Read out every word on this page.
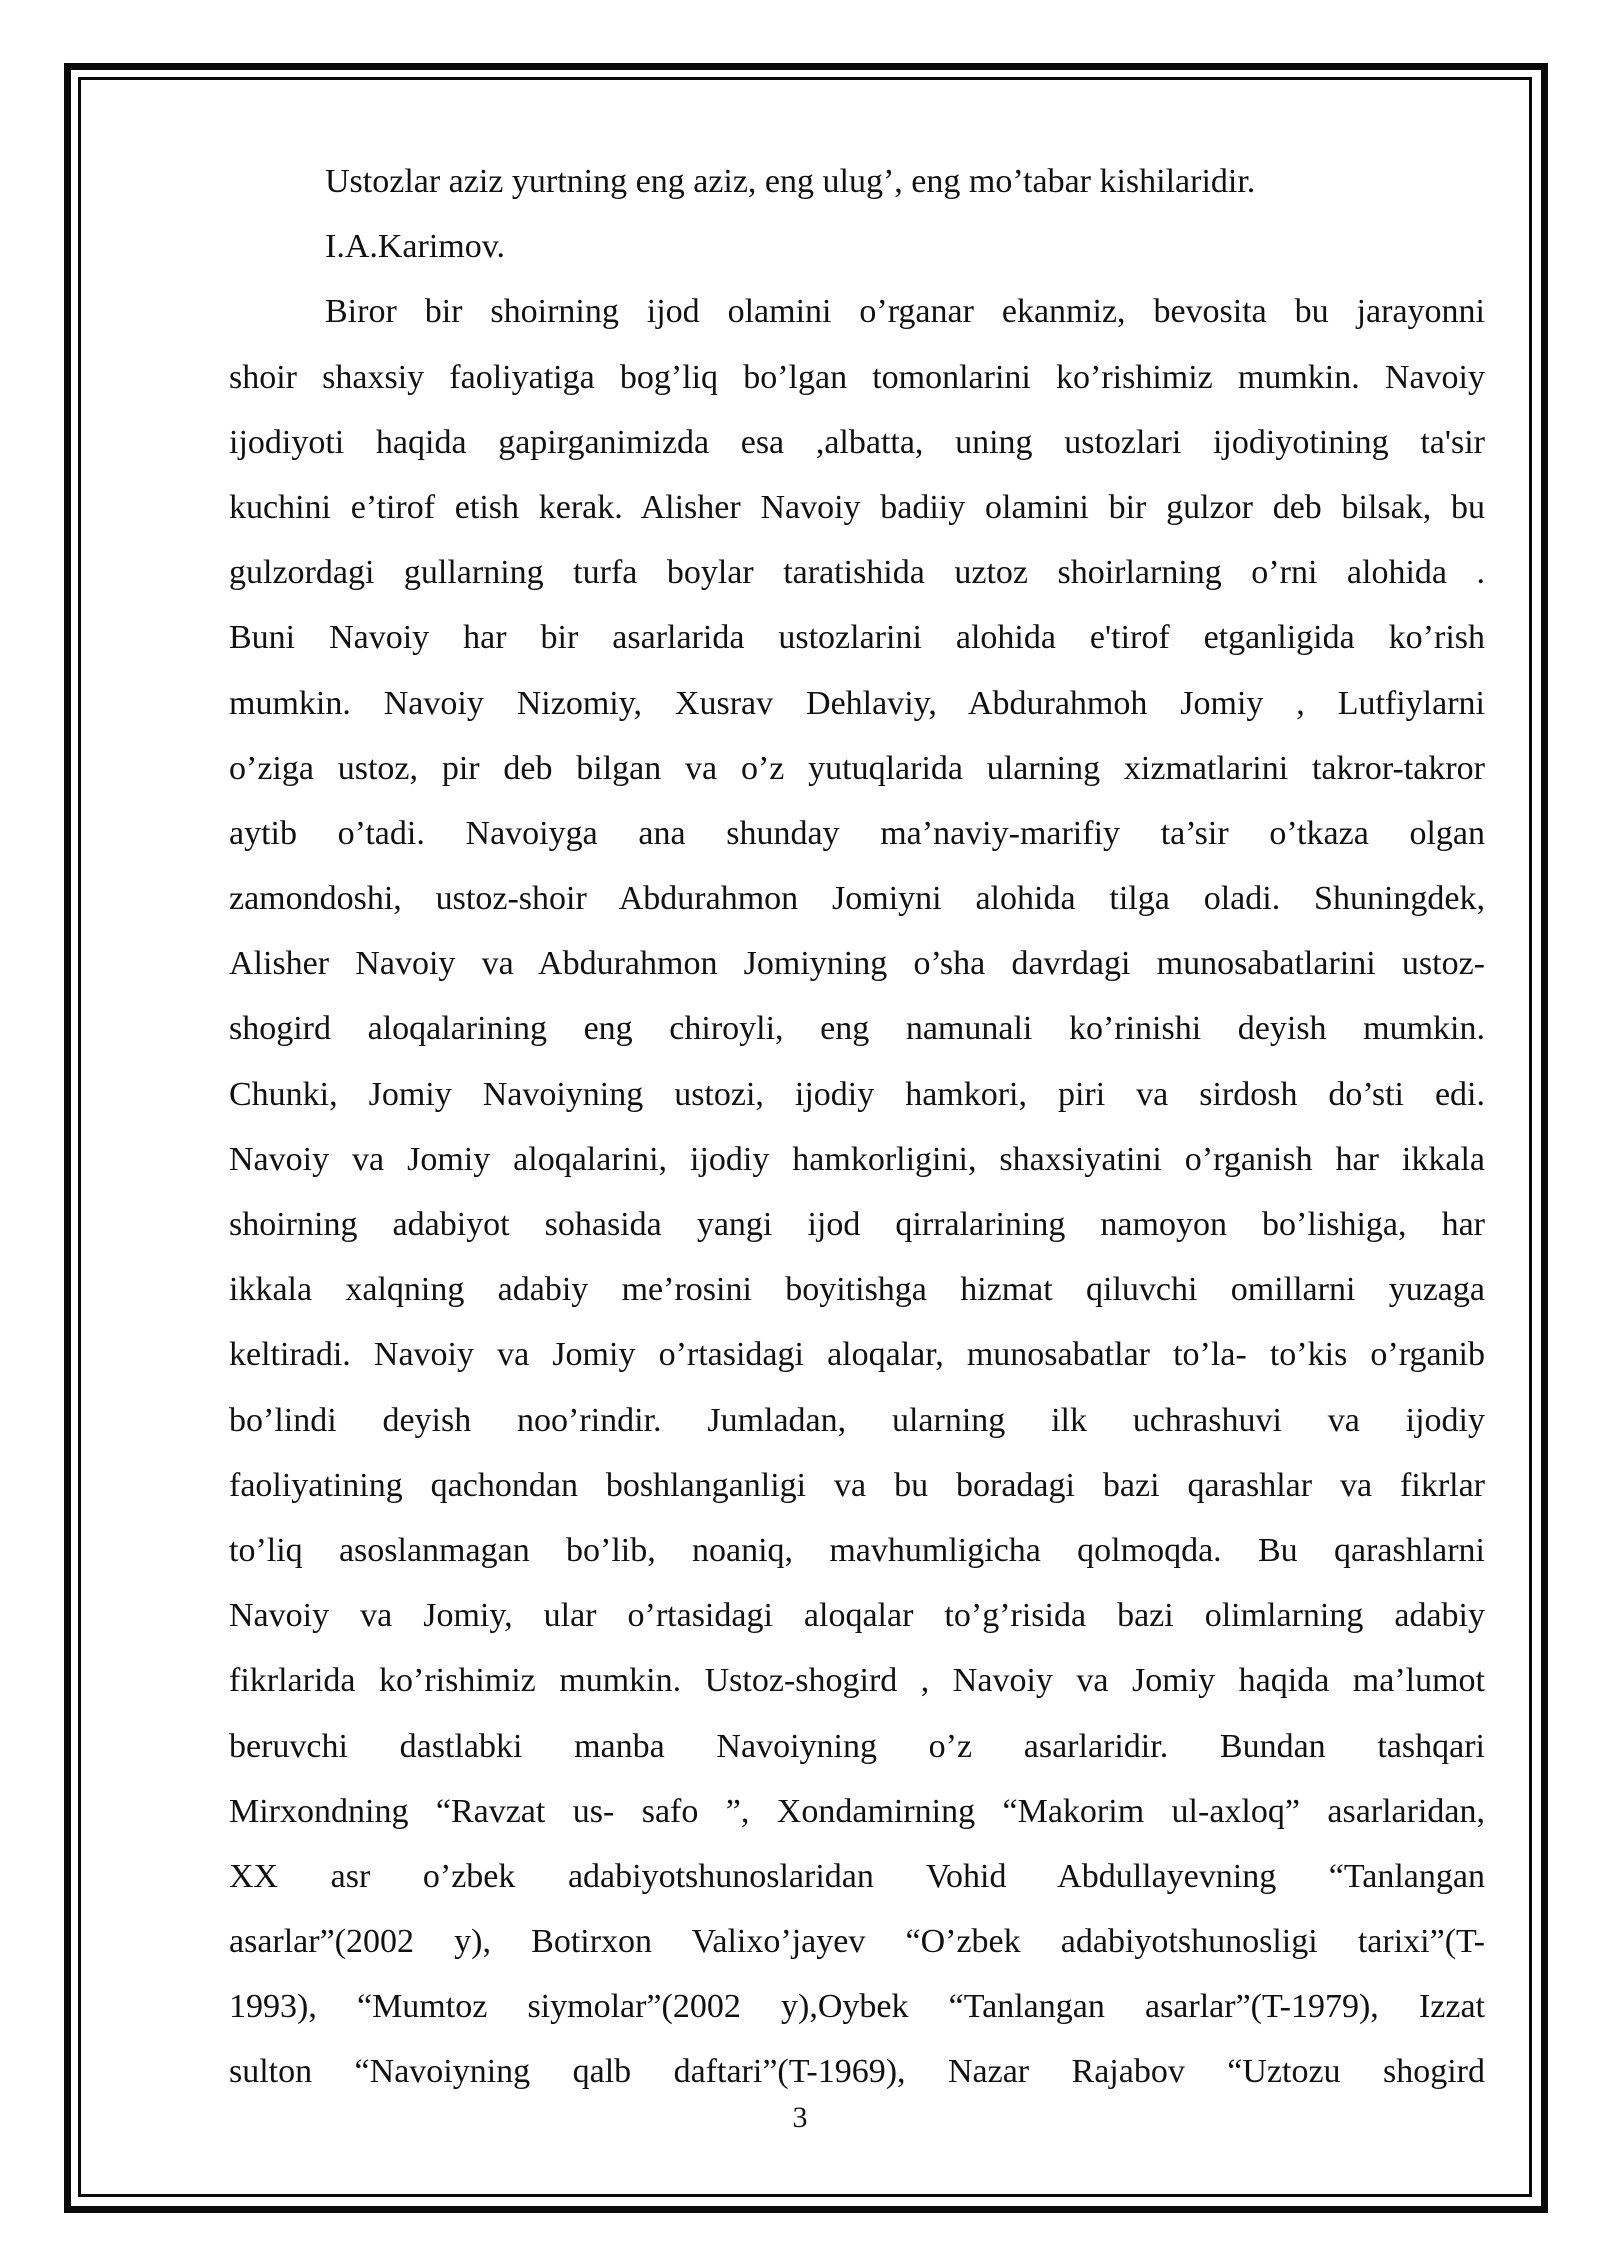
Ustozlar aziz yurtning eng aziz, eng ulug’, eng mo’tabar kishilaridir.
I.A.Karimov.
Biror bir shoirning ijod olamini o’rganar ekanmiz, bevosita bu jarayonni
shoir shaxsiy faoliyatiga bog’liq bo’lgan tomonlarini ko’rishimiz mumkin. Navoiy
ijodiyoti haqida gapirganimizda esa ,albatta, uning ustozlari ijodiyotining ta'sir
kuchini e’tirof etish kerak. Alisher Navoiy badiiy olamini bir gulzor deb bilsak, bu
gulzordagi gullarning turfa boylar taratishida uztoz shoirlarning o’rni alohida .
Buni Navoiy har bir asarlarida ustozlarini alohida e'tirof etganligida ko’rish
mumkin. Navoiy Nizomiy, Xusrav Dehlaviy, Abdurahmoh Jomiy , Lutfiylarni
o’ziga ustoz, pir deb bilgan va o’z yutuqlarida ularning xizmatlarini takror-takror
aytib o’tadi. Navoiyga ana shunday ma’naviy-marifiy ta’sir o’tkaza olgan
zamondoshi, ustoz-shoir Abdurahmon Jomiyni alohida tilga oladi. Shuningdek,
Alisher Navoiy va Abdurahmon Jomiyning o’sha davrdagi munosabatlarini ustoz-
shogird aloqalarining eng chiroyli, eng namunali ko’rinishi deyish mumkin.
Chunki, Jomiy Navoiyning ustozi, ijodiy hamkori, piri va sirdosh do’sti edi.
Navoiy va Jomiy aloqalarini, ijodiy hamkorligini, shaxsiyatini o’rganish har ikkala
shoirning adabiyot sohasida yangi ijod qirralarining namoyon bo’lishiga, har
ikkala xalqning adabiy me’rosini boyitishga hizmat qiluvchi omillarni yuzaga
keltiradi. Navoiy va Jomiy o’rtasidagi aloqalar, munosabatlar to’la- to’kis o’rganib
bo’lindi deyish noo’rindir. Jumladan, ularning ilk uchrashuvi va ijodiy
faoliyatining qachondan boshlanganligi va bu boradagi bazi qarashlar va fikrlar
to’liq asoslanmagan bo’lib, noaniq, mavhumligicha qolmoqda. Bu qarashlarni
Navoiy va Jomiy, ular o’rtasidagi aloqalar to’g’risida bazi olimlarning adabiy
fikrlarida ko’rishimiz mumkin. Ustoz-shogird , Navoiy va Jomiy haqida ma’lumot
beruvchi dastlabki manba Navoiyning o’z asarlaridir. Bundan tashqari
Mirxondning “Ravzat us- safo ”, Xondamirning “Makorim ul-axloq” asarlaridan,
XX asr o’zbek adabiyotshunoslaridan Vohid Abdullayevning “Tanlangan
asarlar”(2002 y), Botirxon Valixo’jayev “O’zbek adabiyotshunosligi tarixi”(T-
1993), “Mumtoz siymolar”(2002 y),Oybek “Tanlangan asarlar”(T-1979), Izzat
sulton “Navoiyning qalb daftari”(T-1969), Nazar Rajabov “Uztozu shogird
3
